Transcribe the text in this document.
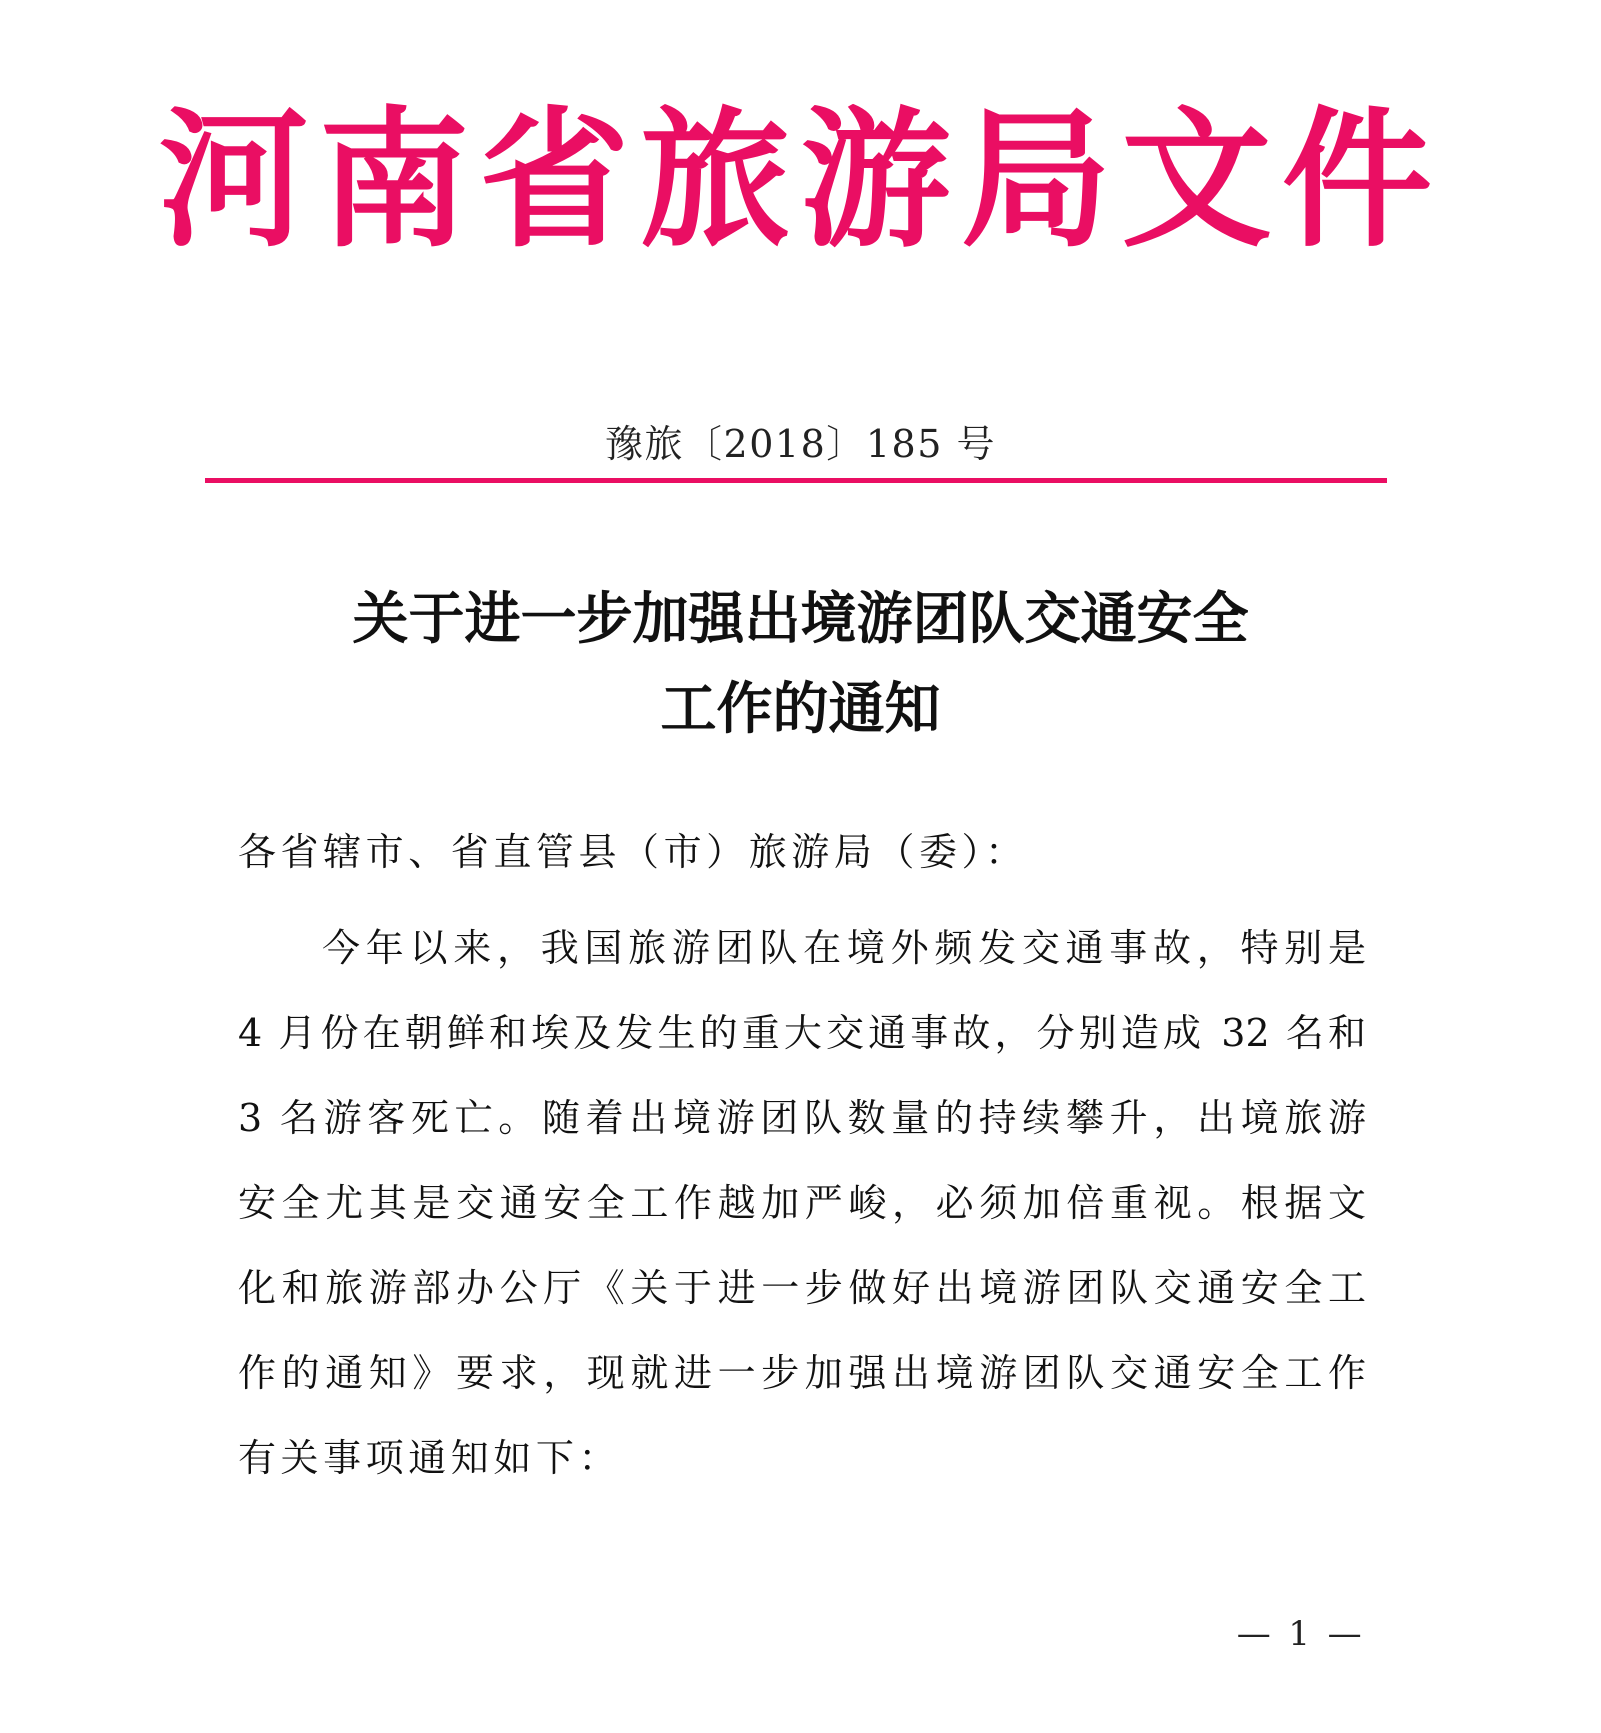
河南省旅游局文件
豫旅〔2018〕185 号
关于进一步加强出境游团队交通安全
工作的通知
各省辖市、省直管县（市）旅游局（委）：
今年以来，我国旅游团队在境外频发交通事故，特别是
4 月份在朝鲜和埃及发生的重大交通事故，分别造成 32 名和
3 名游客死亡。随着出境游团队数量的持续攀升，出境旅游
安全尤其是交通安全工作越加严峻，必须加倍重视。根据文
化和旅游部办公厅《关于进一步做好出境游团队交通安全工
作的通知》要求，现就进一步加强出境游团队交通安全工作
有关事项通知如下：
— 1 —
